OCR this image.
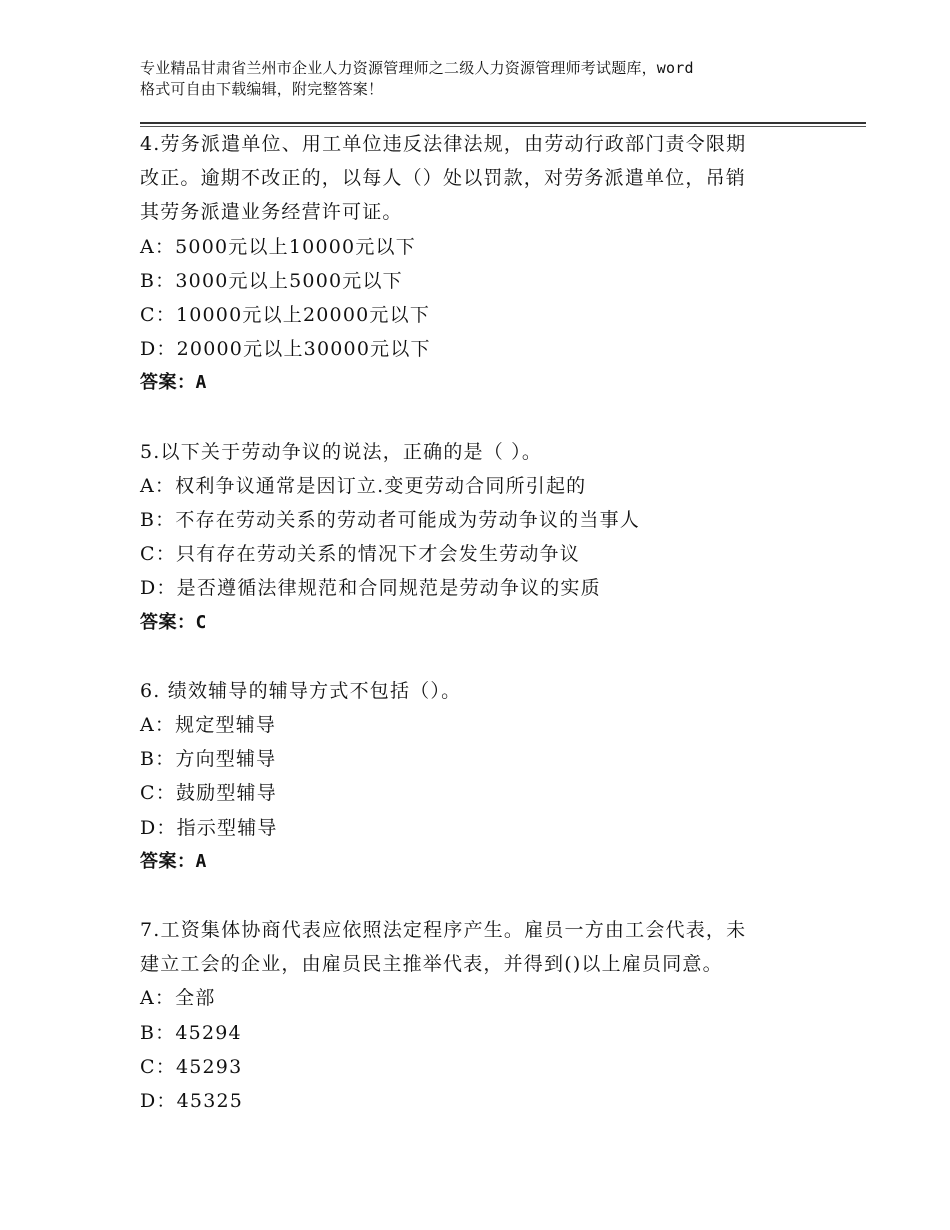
专业精品甘肃省兰州市企业人力资源管理师之二级人力资源管理师考试题库，word
格式可自由下载编辑，附完整答案！
4.劳务派遣单位、用工单位违反法律法规，由劳动行政部门责令限期
改正。逾期不改正的，以每人（）处以罚款，对劳务派遣单位，吊销
其劳务派遣业务经营许可证。
A：5000元以上10000元以下
B：3000元以上5000元以下
C：10000元以上20000元以下
D：20000元以上30000元以下
答案：A
5.以下关于劳动争议的说法，正确的是（ ）。
A：权利争议通常是因订立.变更劳动合同所引起的
B：不存在劳动关系的劳动者可能成为劳动争议的当事人
C：只有存在劳动关系的情况下才会发生劳动争议
D：是否遵循法律规范和合同规范是劳动争议的实质
答案：C
6. 绩效辅导的辅导方式不包括（）。
A：规定型辅导
B：方向型辅导
C：鼓励型辅导
D：指示型辅导
答案：A
7.工资集体协商代表应依照法定程序产生。雇员一方由工会代表，未
建立工会的企业，由雇员民主推举代表，并得到()以上雇员同意。
A：全部
B：45294
C：45293
D：45325
